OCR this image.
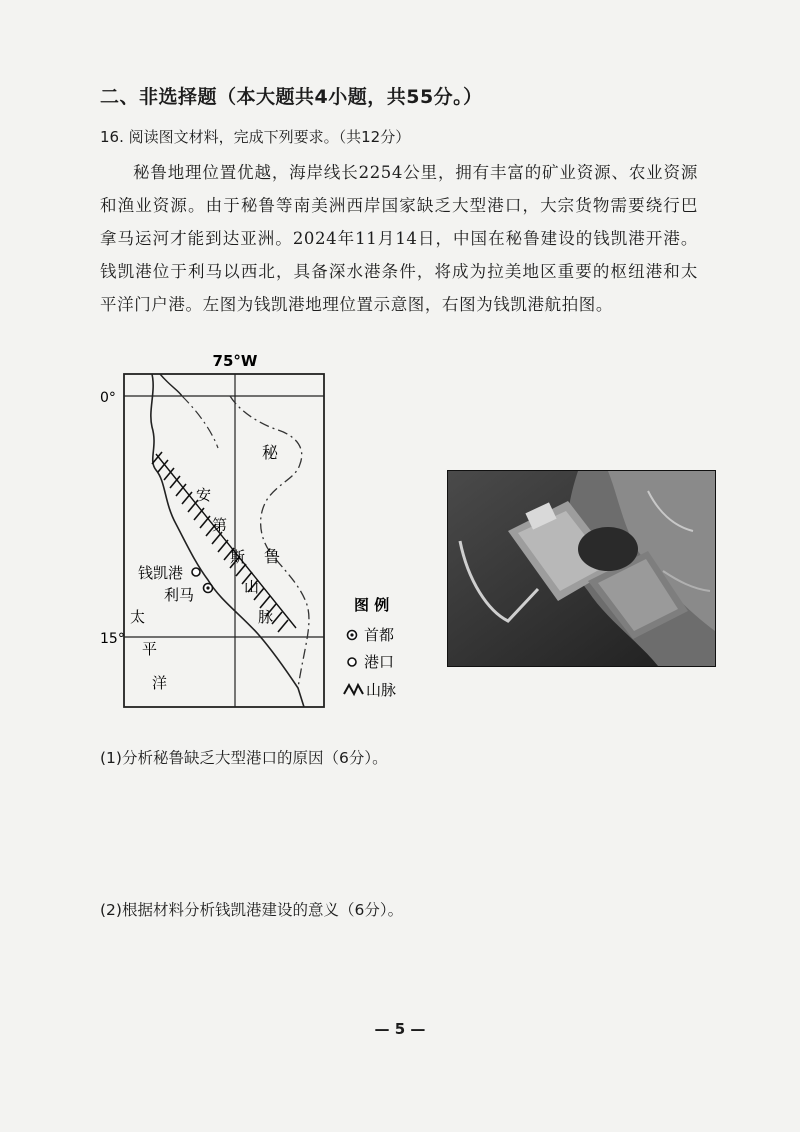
二、非选择题（本大题共4小题，共55分。）
16. 阅读图文材料，完成下列要求。（共12分）
秘鲁地理位置优越，海岸线长2254公里，拥有丰富的矿业资源、农业资源和渔业资源。由于秘鲁等南美洲西岸国家缺乏大型港口，大宗货物需要绕行巴拿马运河才能到达亚洲。2024年11月14日，中国在秘鲁建设的钱凯港开港。钱凯港位于利马以西北，具备深水港条件，将成为拉美地区重要的枢纽港和太平洋门户港。左图为钱凯港地理位置示意图，右图为钱凯港航拍图。
75°W
0°
15°
钱凯港
利马
秘
鲁
安
第
斯
山
脉
太
平
洋
图 例
首都
港口
山脉
(1)分析秘鲁缺乏大型港口的原因（6分）。
(2)根据材料分析钱凯港建设的意义（6分）。
— 5 —
